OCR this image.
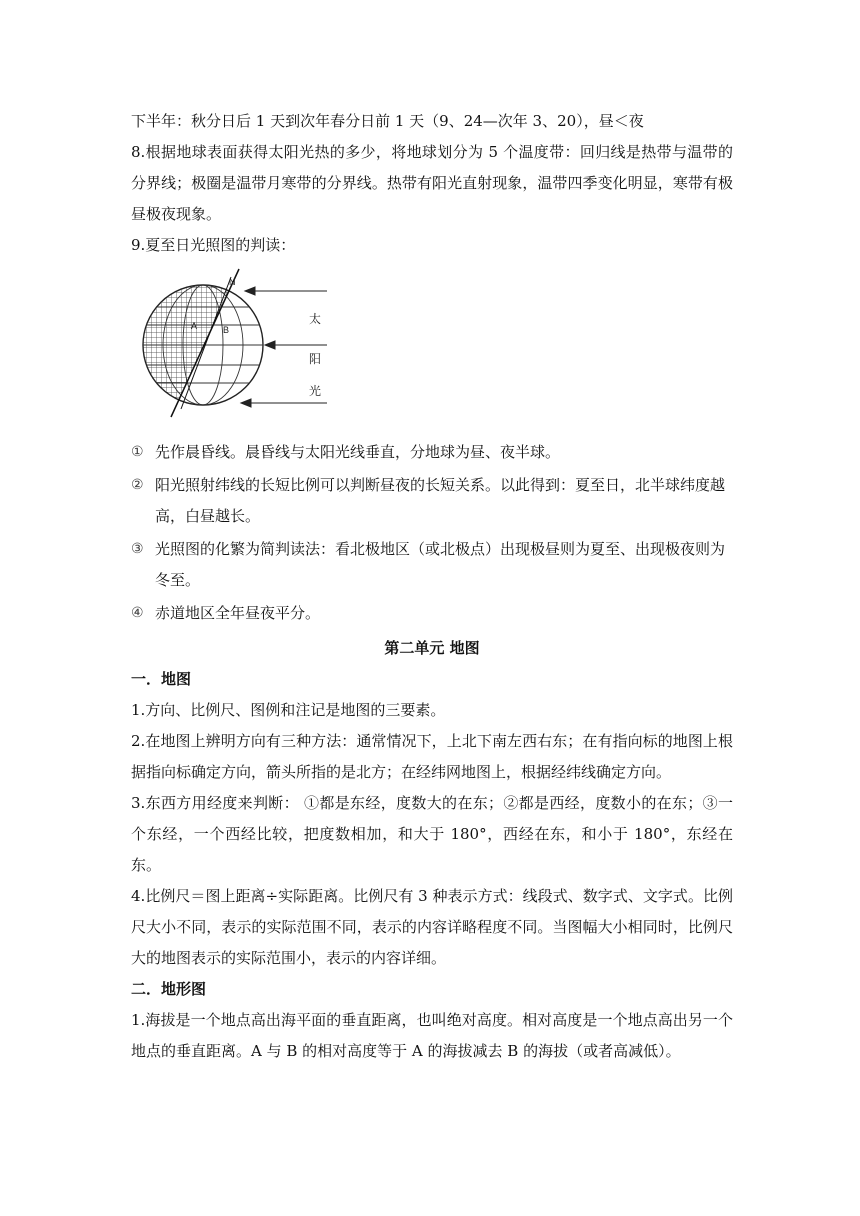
下半年：秋分日后 1 天到次年春分日前 1 天（9、24—次年 3、20），昼＜夜

8.根据地球表面获得太阳光热的多少，将地球划分为 5 个温度带：回归线是热带与温带的分界线；极圈是温带月寒带的分界线。热带有阳光直射现象，温带四季变化明显，寒带有极昼极夜现象。

9.夏至日光照图的判读：

N
A	B
太
阳
光
① 先作晨昏线。晨昏线与太阳光线垂直，分地球为昼、夜半球。
② 阳光照射纬线的长短比例可以判断昼夜的长短关系。以此得到：夏至日，北半球纬度越高，白昼越长。
③ 光照图的化繁为简判读法：看北极地区（或北极点）出现极昼则为夏至、出现极夜则为冬至。
④ 赤道地区全年昼夜平分。
第二单元 地图
一．地图

1.方向、比例尺、图例和注记是地图的三要素。

2.在地图上辨明方向有三种方法：通常情况下，上北下南左西右东；在有指向标的地图上根据指向标确定方向，箭头所指的是北方；在经纬网地图上，根据经纬线确定方向。

3.东西方用经度来判断： ①都是东经，度数大的在东；②都是西经，度数小的在东；③一个东经，一个西经比较，把度数相加，和大于 180°，西经在东，和小于 180°，东经在东。

4.比例尺＝图上距离÷实际距离。比例尺有 3 种表示方式：线段式、数字式、文字式。比例尺大小不同，表示的实际范围不同，表示的内容详略程度不同。当图幅大小相同时，比例尺大的地图表示的实际范围小，表示的内容详细。

二．地形图

1.海拔是一个地点高出海平面的垂直距离，也叫绝对高度。相对高度是一个地点高出另一个地点的垂直距离。A 与 B 的相对高度等于 A 的海拔减去 B 的海拔（或者高减低）。
